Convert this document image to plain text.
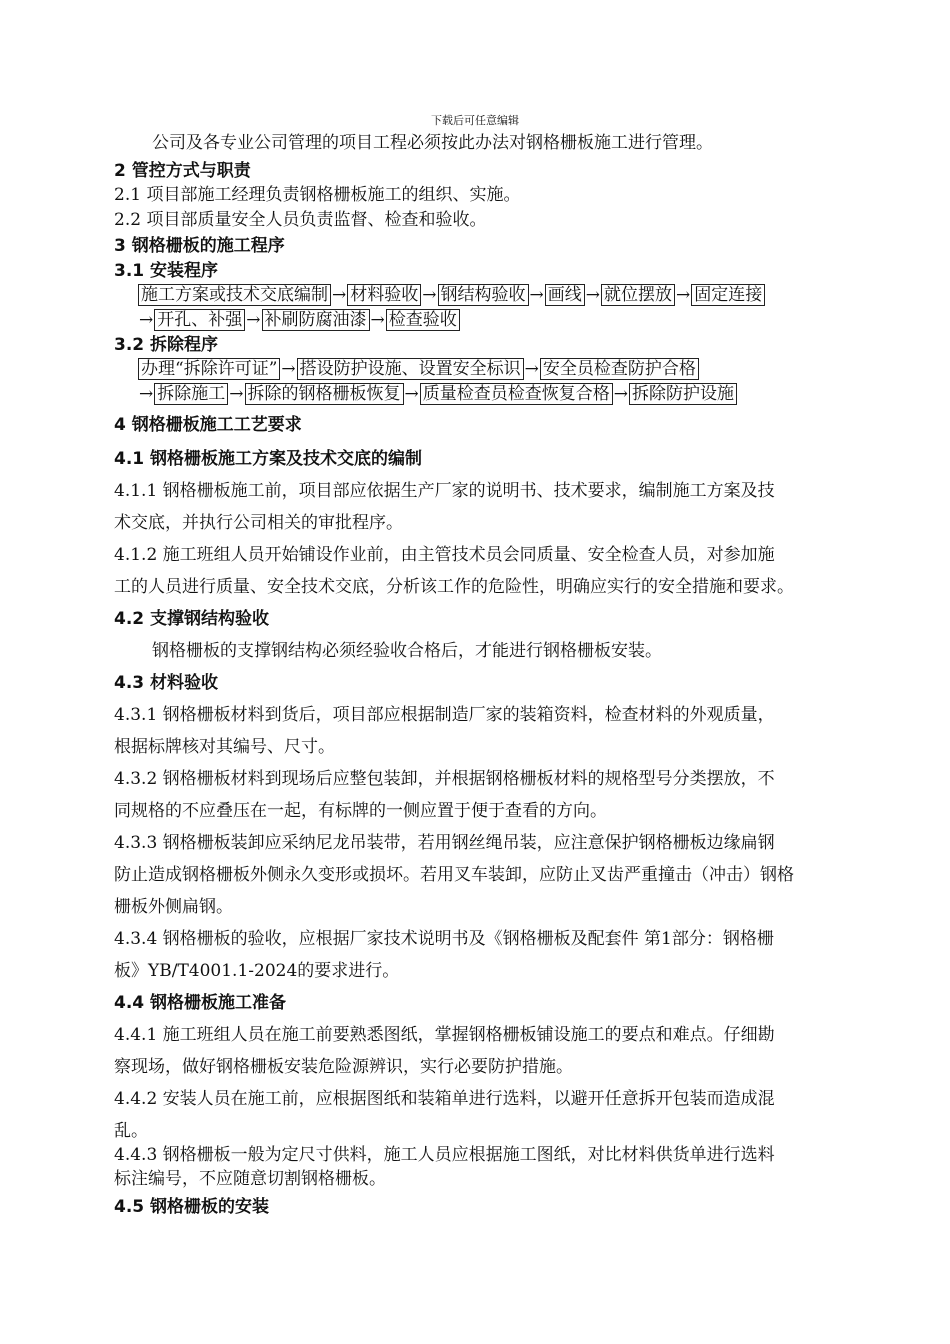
下载后可任意编辑
公司及各专业公司管理的项目工程必须按此办法对钢格栅板施工进行管理。
2 管控方式与职责
2.1 项目部施工经理负责钢格栅板施工的组织、实施。
2.2 项目部质量安全人员负责监督、检查和验收。
3 钢格栅板的施工程序
3.1 安装程序
施工方案或技术交底编制 → 材料验收 → 钢结构验收 → 画线 → 就位摆放 → 固定连接
→ 开孔、补强 → 补刷防腐油漆 → 检查验收
3.2 拆除程序
办理“拆除许可证” → 搭设防护设施、设置安全标识 → 安全员检查防护合格
→ 拆除施工 → 拆除的钢格栅板恢复 → 质量检查员检查恢复合格 → 拆除防护设施
4 钢格栅板施工工艺要求
4.1 钢格栅板施工方案及技术交底的编制
4.1.1 钢格栅板施工前，项目部应依据生产厂家的说明书、技术要求，编制施工方案及技
术交底，并执行公司相关的审批程序。
4.1.2 施工班组人员开始铺设作业前，由主管技术员会同质量、安全检查人员，对参加施
工的人员进行质量、安全技术交底，分析该工作的危险性，明确应实行的安全措施和要求。
4.2 支撑钢结构验收
钢格栅板的支撑钢结构必须经验收合格后，才能进行钢格栅板安装。
4.3 材料验收
4.3.1 钢格栅板材料到货后，项目部应根据制造厂家的装箱资料，检查材料的外观质量，
根据标牌核对其编号、尺寸。
4.3.2 钢格栅板材料到现场后应整包装卸，并根据钢格栅板材料的规格型号分类摆放，不
同规格的不应叠压在一起，有标牌的一侧应置于便于查看的方向。
4.3.3 钢格栅板装卸应采纳尼龙吊装带，若用钢丝绳吊装，应注意保护钢格栅板边缘扁钢
防止造成钢格栅板外侧永久变形或损坏。若用叉车装卸，应防止叉齿严重撞击（冲击）钢格
栅板外侧扁钢。
4.3.4 钢格栅板的验收，应根据厂家技术说明书及《钢格栅板及配套件 第1部分：钢格栅
板》YB/T4001.1-2024的要求进行。
4.4 钢格栅板施工准备
4.4.1 施工班组人员在施工前要熟悉图纸，掌握钢格栅板铺设施工的要点和难点。仔细勘
察现场，做好钢格栅板安装危险源辨识，实行必要防护措施。
4.4.2 安装人员在施工前，应根据图纸和装箱单进行选料，以避开任意拆开包装而造成混
乱。
4.4.3 钢格栅板一般为定尺寸供料，施工人员应根据施工图纸，对比材料供货单进行选料
标注编号，不应随意切割钢格栅板。
4.5 钢格栅板的安装
